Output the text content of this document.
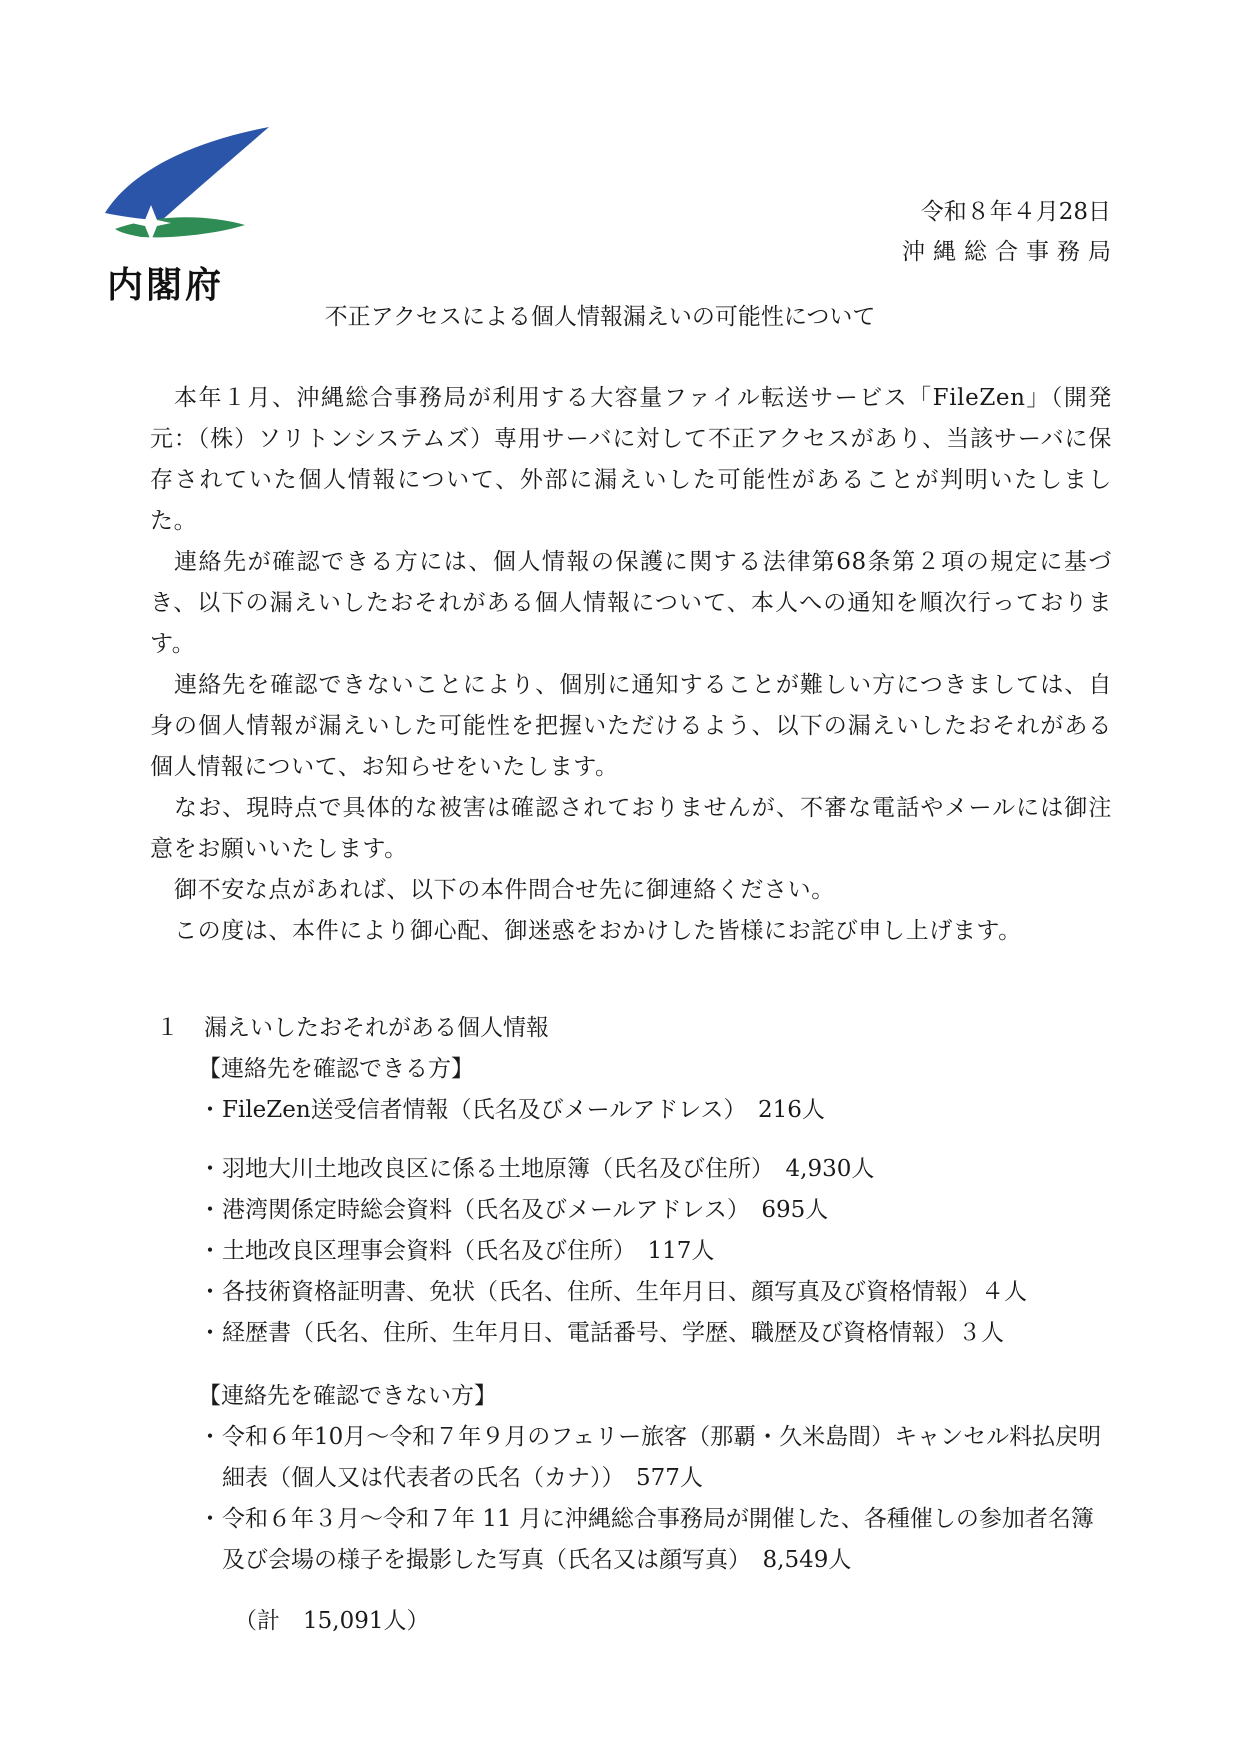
内閣府
令和８年４月28日
沖縄総合事務局
不正アクセスによる個人情報漏えいの可能性について

本年１月、沖縄総合事務局が利用する大容量ファイル転送サービス「FileZen」（開発元：（株）ソリトンシステムズ）専用サーバに対して不正アクセスがあり、当該サーバに保存されていた個人情報について、外部に漏えいした可能性があることが判明いたしました。

連絡先が確認できる方には、個人情報の保護に関する法律第68条第２項の規定に基づき、以下の漏えいしたおそれがある個人情報について、本人への通知を順次行っております。

連絡先を確認できないことにより、個別に通知することが難しい方につきましては、自身の個人情報が漏えいした可能性を把握いただけるよう、以下の漏えいしたおそれがある個人情報について、お知らせをいたします。

なお、現時点で具体的な被害は確認されておりませんが、不審な電話やメールには御注意をお願いいたします。

御不安な点があれば、以下の本件問合せ先に御連絡ください。

この度は、本件により御心配、御迷惑をおかけした皆様にお詫び申し上げます。

１	漏えいしたおそれがある個人情報
【連絡先を確認できる方】
・ FileZen送受信者情報（氏名及びメールアドレス）　216人
・ 羽地大川土地改良区に係る土地原簿（氏名及び住所）　4,930人
・ 港湾関係定時総会資料（氏名及びメールアドレス）　695人
・ 土地改良区理事会資料（氏名及び住所）　117人
・ 各技術資格証明書、免状（氏名、住所、生年月日、顔写真及び資格情報）４人
・ 経歴書（氏名、住所、生年月日、電話番号、学歴、職歴及び資格情報）３人
【連絡先を確認できない方】
・ 令和６年10月～令和７年９月のフェリー旅客（那覇・久米島間）キャンセル料払戻明細表（個人又は代表者の氏名（カナ））　577人
・ 令和６年３月～令和７年 11 月に沖縄総合事務局が開催した、各種催しの参加者名簿及び会場の様子を撮影した写真（氏名又は顔写真）　8,549人
（計　15,091人）
